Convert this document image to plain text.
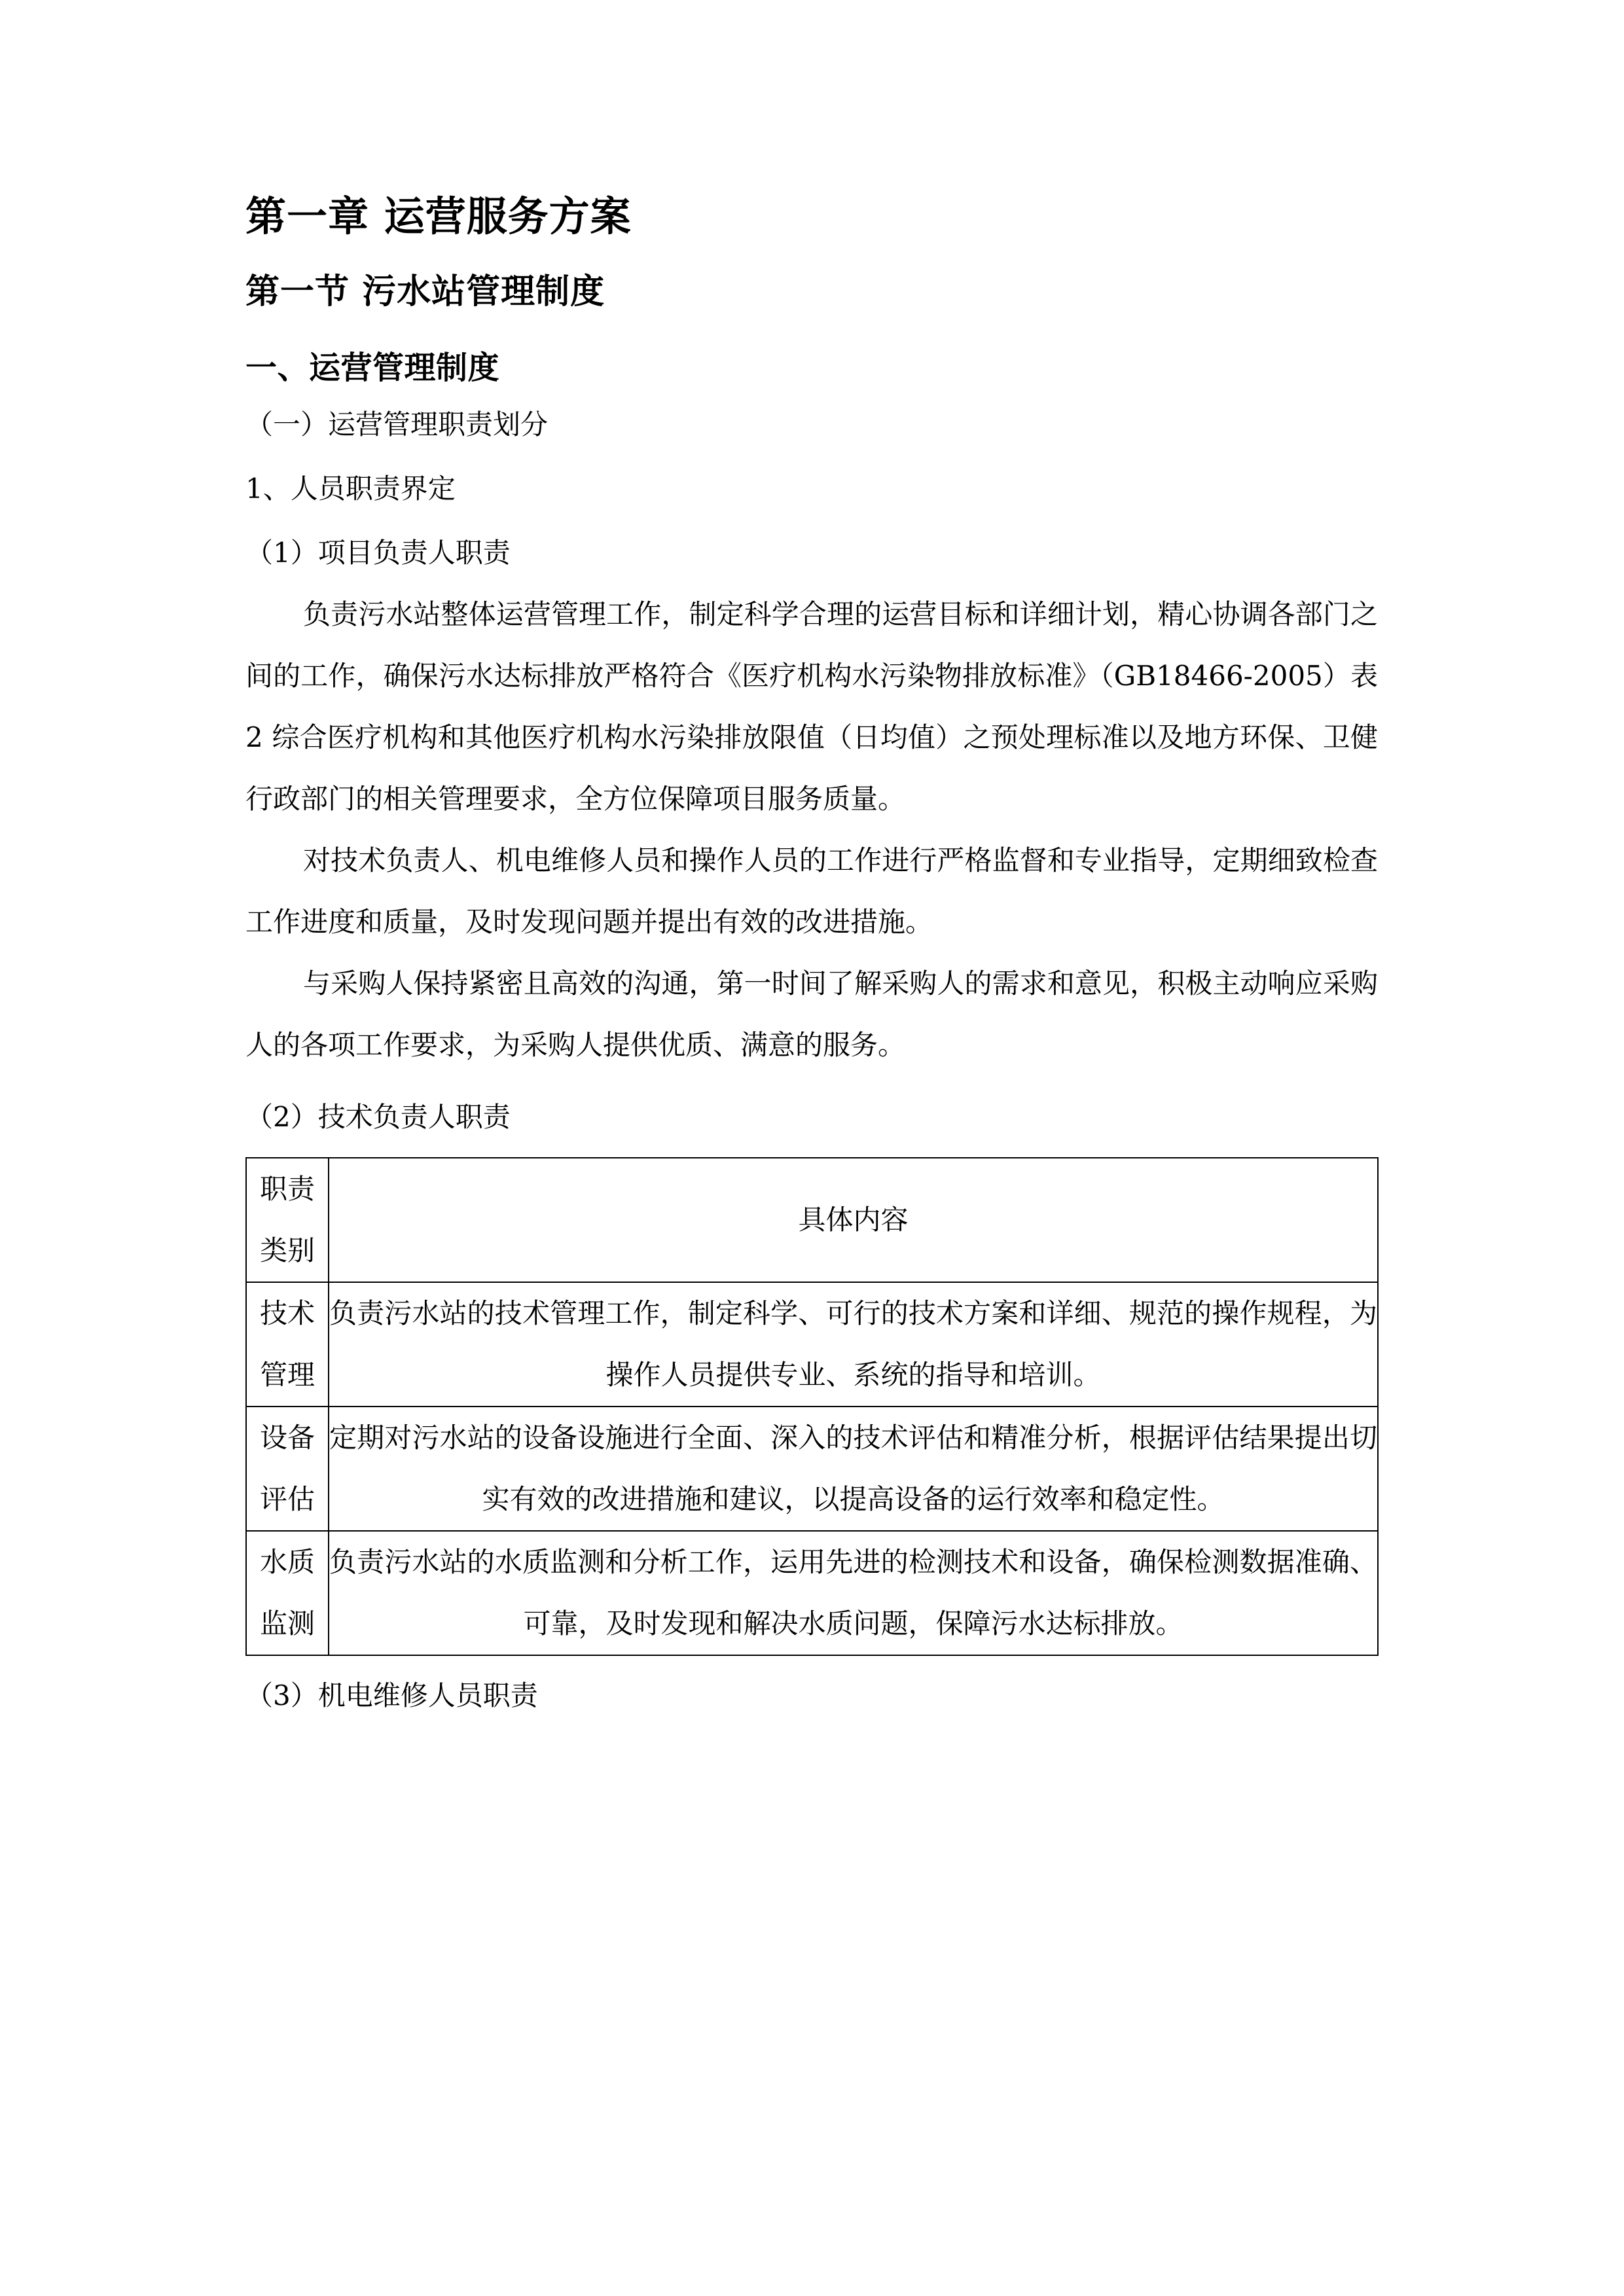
第一章 运营服务方案
第一节 污水站管理制度
一、运营管理制度
（一）运营管理职责划分
1、人员职责界定
（1）项目负责人职责

负责污水站整体运营管理工作，制定科学合理的运营目标和详细计划，精心协调各部门之间的工作，确保污水达标排放严格符合《医疗机构水污染物排放标准》（GB18466-2005）表 2 综合医疗机构和其他医疗机构水污染排放限值（日均值）之预处理标准以及地方环保、卫健行政部门的相关管理要求，全方位保障项目服务质量。

对技术负责人、机电维修人员和操作人员的工作进行严格监督和专业指导，定期细致检查工作进度和质量，及时发现问题并提出有效的改进措施。

与采购人保持紧密且高效的沟通，第一时间了解采购人的需求和意见，积极主动响应采购人的各项工作要求，为采购人提供优质、满意的服务。

（2）技术负责人职责
职责类别	具体内容
技术管理	负责污水站的技术管理工作，制定科学、可行的技术方案和详细、规范的操作规程，为操作人员提供专业、系统的指导和培训。
设备评估	定期对污水站的设备设施进行全面、深入的技术评估和精准分析，根据评估结果提出切实有效的改进措施和建议，以提高设备的运行效率和稳定性。
水质监测	负责污水站的水质监测和分析工作，运用先进的检测技术和设备，确保检测数据准确、可靠，及时发现和解决水质问题，保障污水达标排放。
（3）机电维修人员职责
